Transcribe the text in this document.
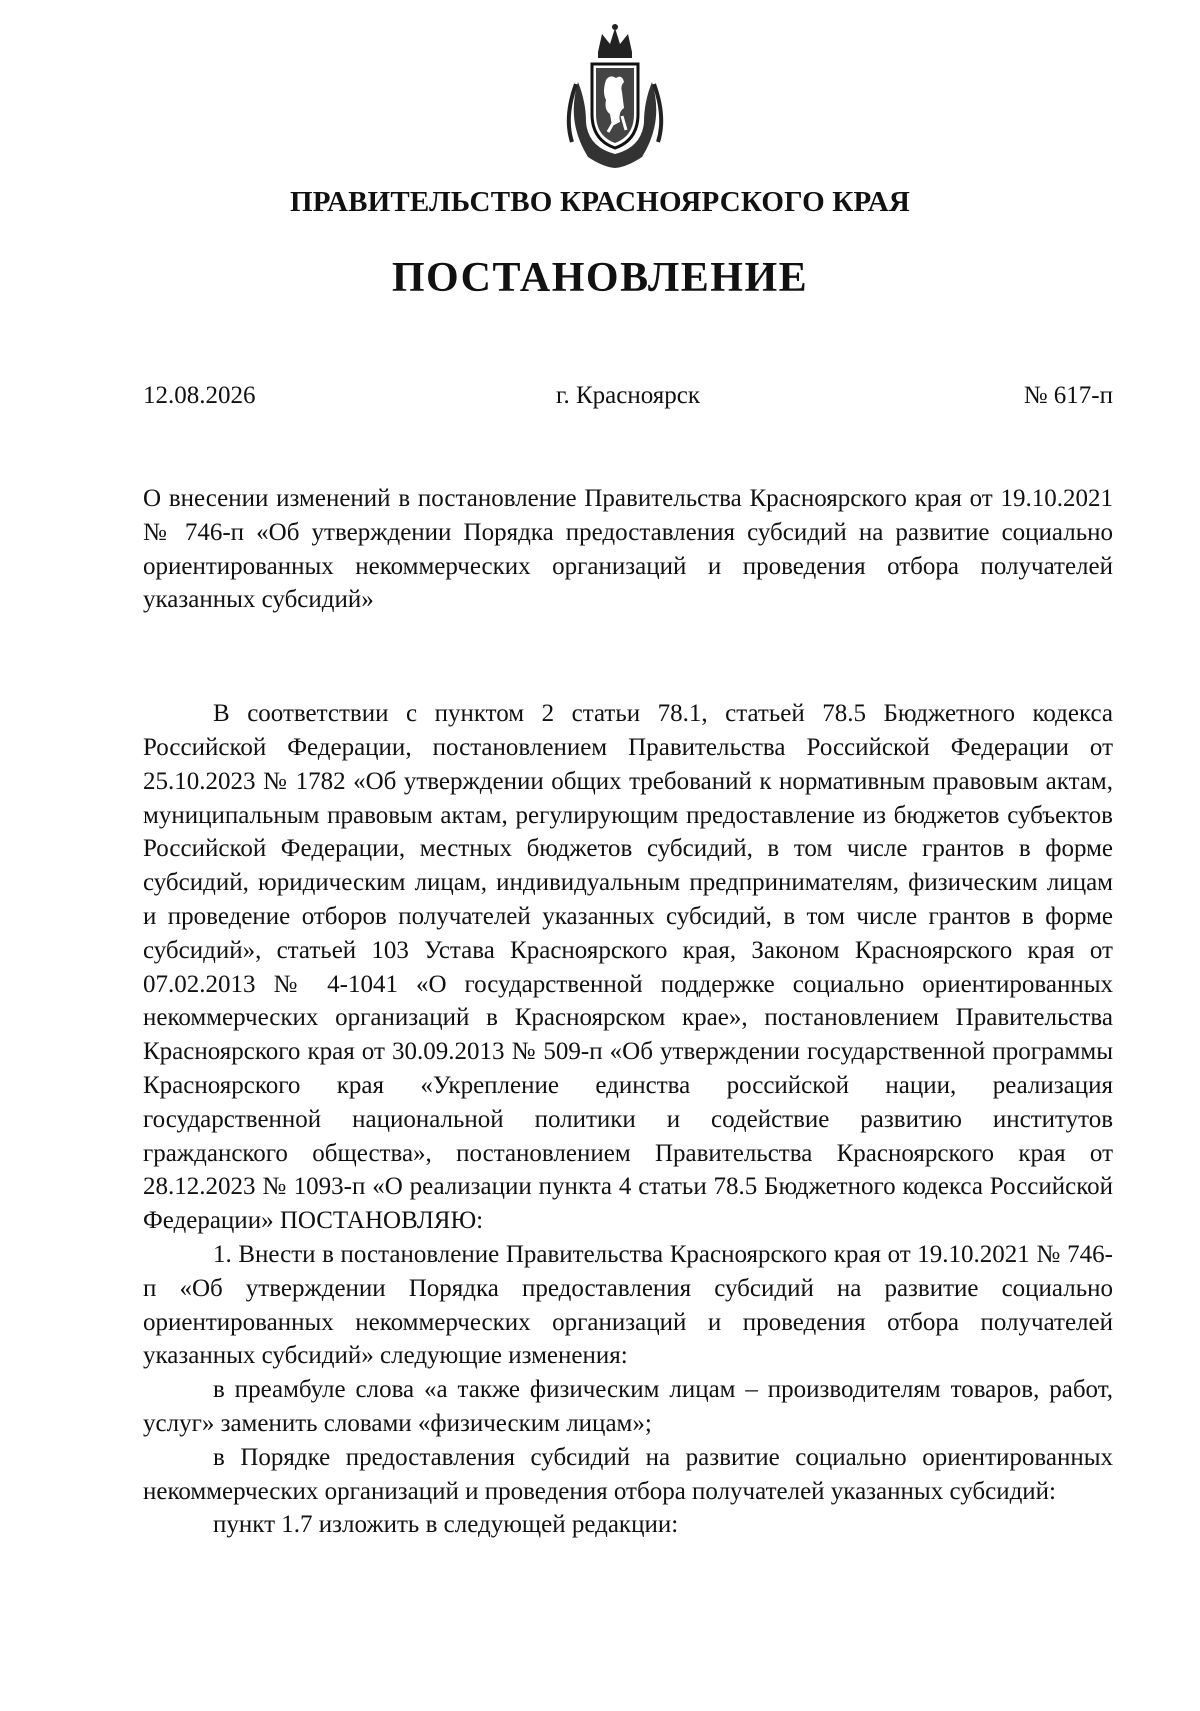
ПРАВИТЕЛЬСТВО КРАСНОЯРСКОГО КРАЯ
ПОСТАНОВЛЕНИЕ
12.08.2026	г. Красноярск	№ 617-п

О внесении изменений в постановление Правительства Красноярского края от 19.10.2021 № 746-п «Об утверждении Порядка предоставления субсидий на развитие социально ориентированных некоммерческих организаций и проведения отбора получателей указанных субсидий»

В соответствии с пунктом 2 статьи 78.1, статьей 78.5 Бюджетного кодекса Российской Федерации, постановлением Правительства Российской Федерации от 25.10.2023 № 1782 «Об утверждении общих требований к нормативным правовым актам, муниципальным правовым актам, регулирующим предоставление из бюджетов субъектов Российской Федерации, местных бюджетов субсидий, в том числе грантов в форме субсидий, юридическим лицам, индивидуальным предпринимателям, физическим лицам и проведение отборов получателей указанных субсидий, в том числе грантов в форме субсидий», статьей 103 Устава Красноярского края, Законом Красноярского края от 07.02.2013 № 4-1041 «О государственной поддержке социально ориентированных некоммерческих организаций в Красноярском крае», постановлением Правительства Красноярского края от 30.09.2013 № 509-п «Об утверждении государственной программы Красноярского края «Укрепление единства российской нации, реализация государственной национальной политики и содействие развитию институтов гражданского общества», постановлением Правительства Красноярского края от 28.12.2023 № 1093-п «О реализации пункта 4 статьи 78.5 Бюджетного кодекса Российской Федерации» ПОСТАНОВЛЯЮ:

1. Внести в постановление Правительства Красноярского края от 19.10.2021 № 746-п «Об утверждении Порядка предоставления субсидий на развитие социально ориентированных некоммерческих организаций и проведения отбора получателей указанных субсидий» следующие изменения:

в преамбуле слова «а также физическим лицам – производителям товаров, работ, услуг» заменить словами «физическим лицам»;

в Порядке предоставления субсидий на развитие социально ориентированных некоммерческих организаций и проведения отбора получателей указанных субсидий:

пункт 1.7 изложить в следующей редакции:
